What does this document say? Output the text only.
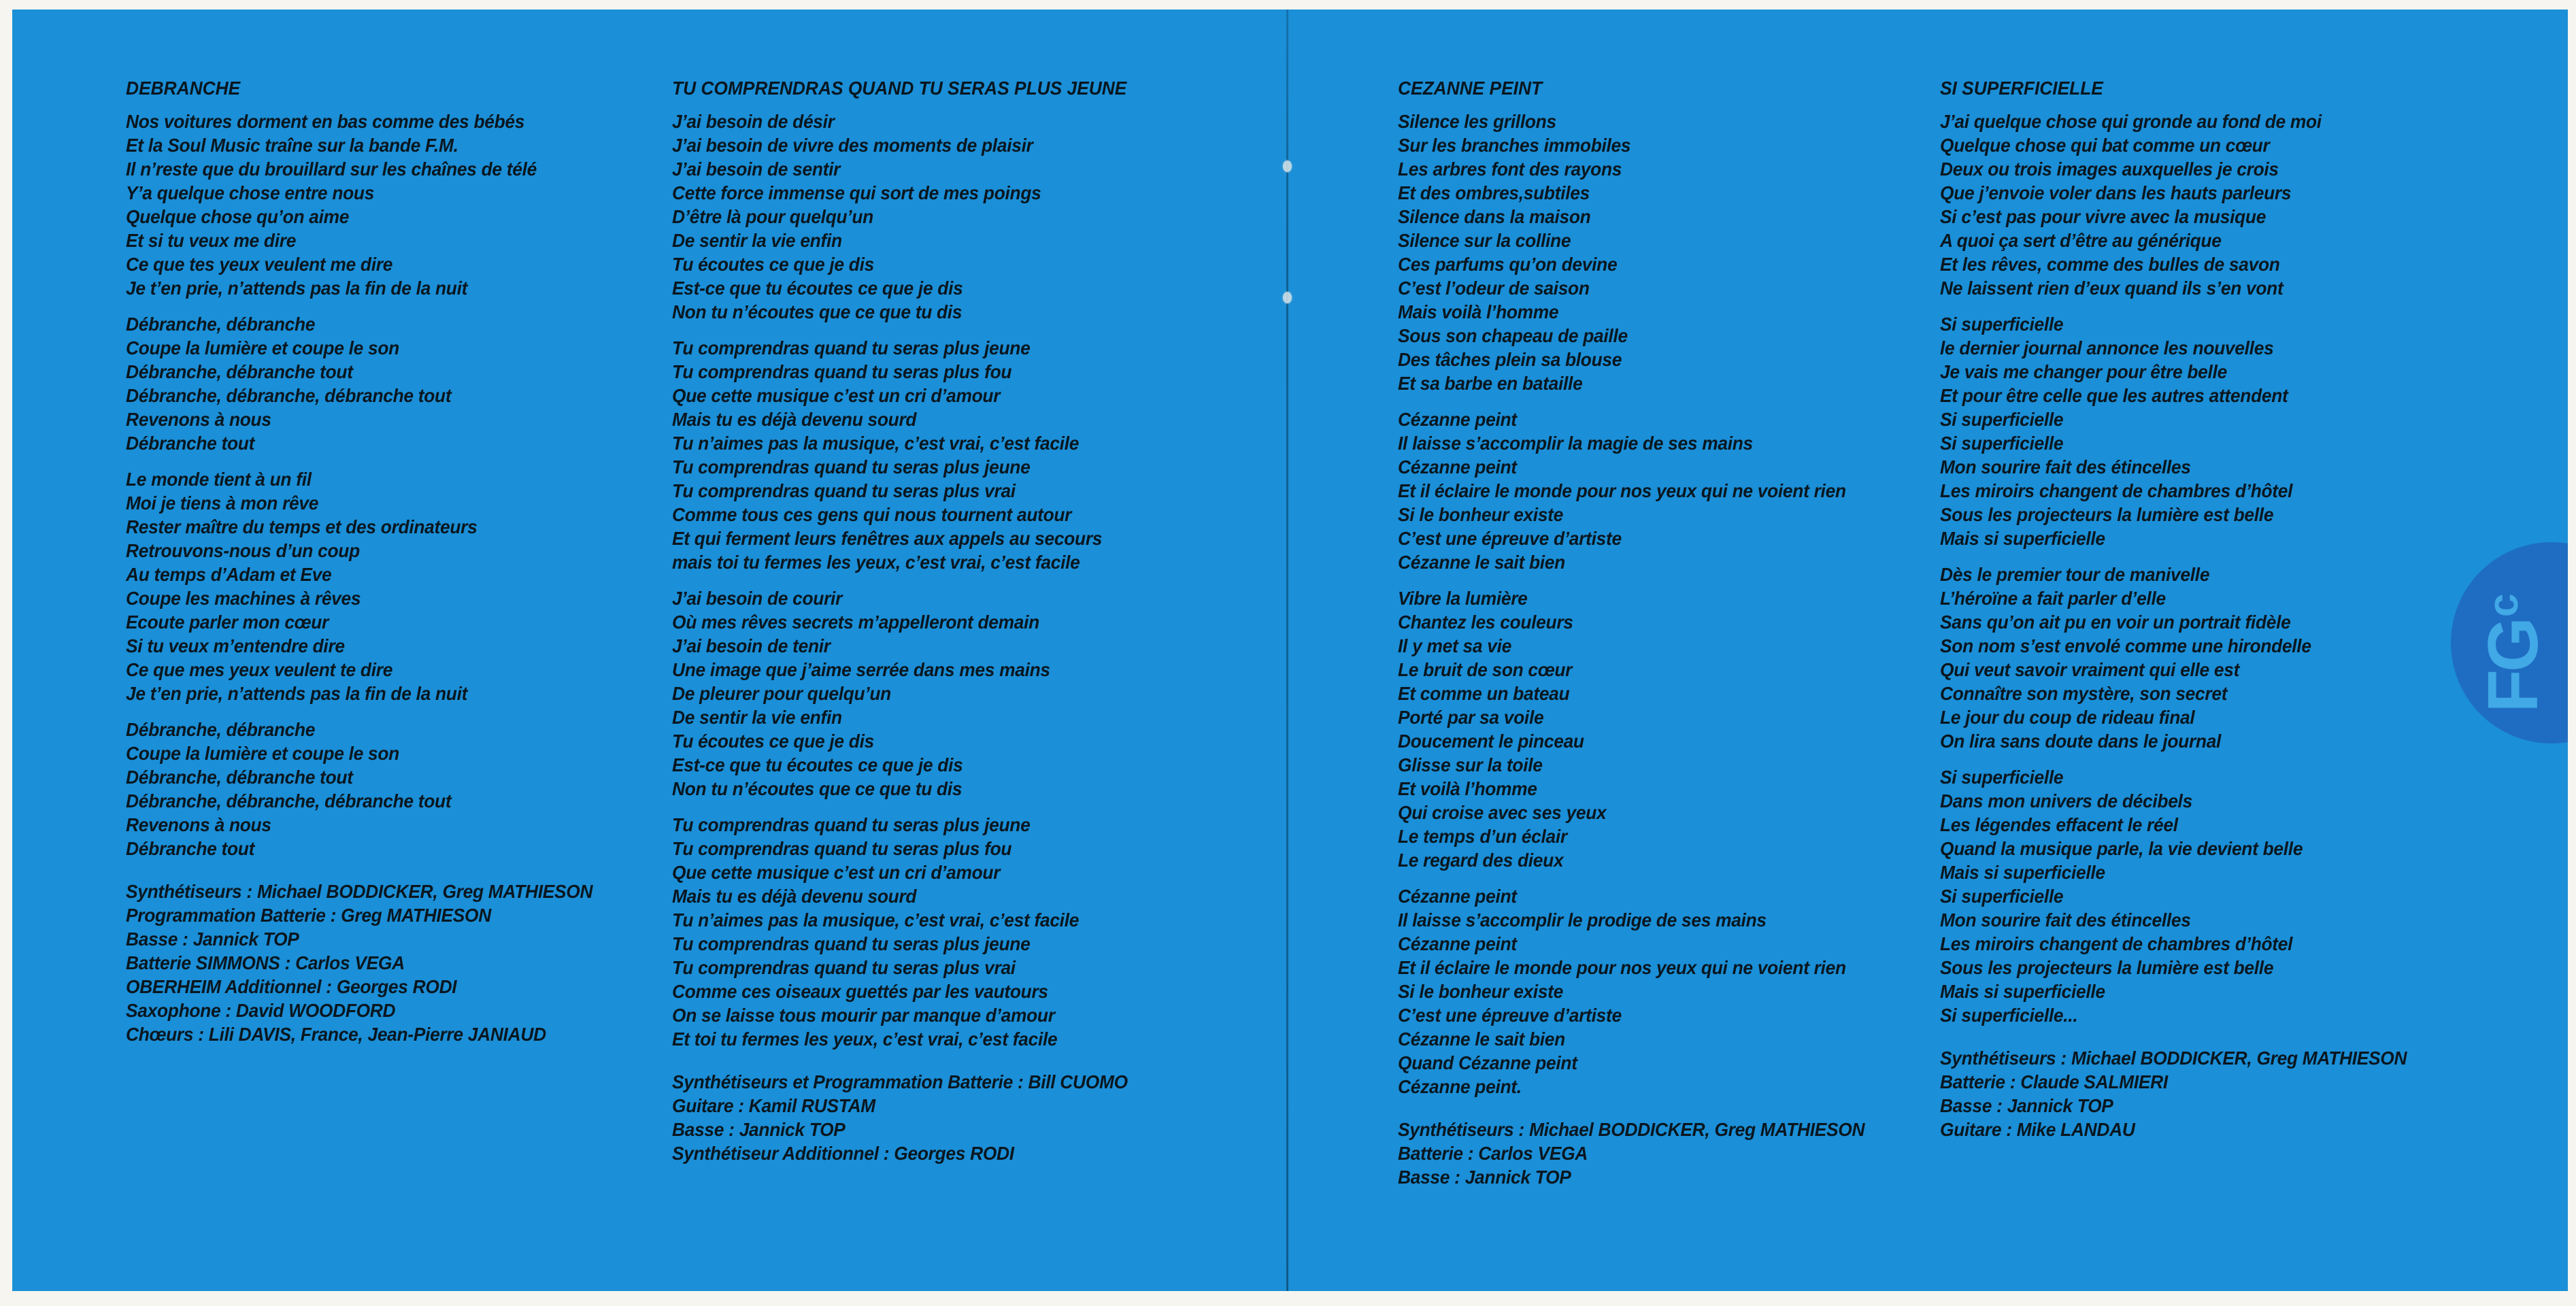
DEBRANCHE

Nos voitures dorment en bas comme des bébés
Et la Soul Music traîne sur la bande F.M.
Il n’reste que du brouillard sur les chaînes de télé
Y’a quelque chose entre nous
Quelque chose qu’on aime
Et si tu veux me dire
Ce que tes yeux veulent me dire
Je t’en prie, n’attends pas la fin de la nuit

Débranche, débranche
Coupe la lumière et coupe le son
Débranche, débranche tout
Débranche, débranche, débranche tout
Revenons à nous
Débranche tout

Le monde tient à un fil
Moi je tiens à mon rêve
Rester maître du temps et des ordinateurs
Retrouvons-nous d’un coup
Au temps d’Adam et Eve
Coupe les machines à rêves
Ecoute parler mon cœur
Si tu veux m’entendre dire
Ce que mes yeux veulent te dire
Je t’en prie, n’attends pas la fin de la nuit

Débranche, débranche
Coupe la lumière et coupe le son
Débranche, débranche tout
Débranche, débranche, débranche tout
Revenons à nous
Débranche tout

Synthétiseurs : Michael BODDICKER, Greg MATHIESON
Programmation Batterie : Greg MATHIESON
Basse : Jannick TOP
Batterie SIMMONS : Carlos VEGA
OBERHEIM Additionnel : Georges RODI
Saxophone : David WOODFORD
Chœurs : Lili DAVIS, France, Jean-Pierre JANIAUD

TU COMPRENDRAS QUAND TU SERAS PLUS JEUNE

J’ai besoin de désir
J’ai besoin de vivre des moments de plaisir
J’ai besoin de sentir
Cette force immense qui sort de mes poings
D’être là pour quelqu’un
De sentir la vie enfin
Tu écoutes ce que je dis
Est-ce que tu écoutes ce que je dis
Non tu n’écoutes que ce que tu dis

Tu comprendras quand tu seras plus jeune
Tu comprendras quand tu seras plus fou
Que cette musique c’est un cri d’amour
Mais tu es déjà devenu sourd
Tu n’aimes pas la musique, c’est vrai, c’est facile
Tu comprendras quand tu seras plus jeune
Tu comprendras quand tu seras plus vrai
Comme tous ces gens qui nous tournent autour
Et qui ferment leurs fenêtres aux appels au secours
mais toi tu fermes les yeux, c’est vrai, c’est facile

J’ai besoin de courir
Où mes rêves secrets m’appelleront demain
J’ai besoin de tenir
Une image que j’aime serrée dans mes mains
De pleurer pour quelqu’un
De sentir la vie enfin
Tu écoutes ce que je dis
Est-ce que tu écoutes ce que je dis
Non tu n’écoutes que ce que tu dis

Tu comprendras quand tu seras plus jeune
Tu comprendras quand tu seras plus fou
Que cette musique c’est un cri d’amour
Mais tu es déjà devenu sourd
Tu n’aimes pas la musique, c’est vrai, c’est facile
Tu comprendras quand tu seras plus jeune
Tu comprendras quand tu seras plus vrai
Comme ces oiseaux guettés par les vautours
On se laisse tous mourir par manque d’amour
Et toi tu fermes les yeux, c’est vrai, c’est facile

Synthétiseurs et Programmation Batterie : Bill CUOMO
Guitare : Kamil RUSTAM
Basse : Jannick TOP
Synthétiseur Additionnel : Georges RODI

CEZANNE PEINT

Silence les grillons
Sur les branches immobiles
Les arbres font des rayons
Et des ombres,subtiles
Silence dans la maison
Silence sur la colline
Ces parfums qu’on devine
C’est l’odeur de saison
Mais voilà l’homme
Sous son chapeau de paille
Des tâches plein sa blouse
Et sa barbe en bataille

Cézanne peint
Il laisse s’accomplir la magie de ses mains
Cézanne peint
Et il éclaire le monde pour nos yeux qui ne voient rien
Si le bonheur existe
C’est une épreuve d’artiste
Cézanne le sait bien

Vibre la lumière
Chantez les couleurs
Il y met sa vie
Le bruit de son cœur
Et comme un bateau
Porté par sa voile
Doucement le pinceau
Glisse sur la toile
Et voilà l’homme
Qui croise avec ses yeux
Le temps d’un éclair
Le regard des dieux

Cézanne peint
Il laisse s’accomplir le prodige de ses mains
Cézanne peint
Et il éclaire le monde pour nos yeux qui ne voient rien
Si le bonheur existe
C’est une épreuve d’artiste
Cézanne le sait bien
Quand Cézanne peint
Cézanne peint.

Synthétiseurs : Michael BODDICKER, Greg MATHIESON
Batterie : Carlos VEGA
Basse : Jannick TOP

SI SUPERFICIELLE

J’ai quelque chose qui gronde au fond de moi
Quelque chose qui bat comme un cœur
Deux ou trois images auxquelles je crois
Que j’envoie voler dans les hauts parleurs
Si c’est pas pour vivre avec la musique
A quoi ça sert d’être au générique
Et les rêves, comme des bulles de savon
Ne laissent rien d’eux quand ils s’en vont

Si superficielle
le dernier journal annonce les nouvelles
Je vais me changer pour être belle
Et pour être celle que les autres attendent
Si superficielle
Si superficielle
Mon sourire fait des étincelles
Les miroirs changent de chambres d’hôtel
Sous les projecteurs la lumière est belle
Mais si superficielle

Dès le premier tour de manivelle
L’héroïne a fait parler d’elle
Sans qu’on ait pu en voir un portrait fidèle
Son nom s’est envolé comme une hirondelle
Qui veut savoir vraiment qui elle est
Connaître son mystère, son secret
Le jour du coup de rideau final
On lira sans doute dans le journal

Si superficielle
Dans mon univers de décibels
Les légendes effacent le réel
Quand la musique parle, la vie devient belle
Mais si superficielle
Si superficielle
Mon sourire fait des étincelles
Les miroirs changent de chambres d’hôtel
Sous les projecteurs la lumière est belle
Mais si superficielle
Si superficielle...

Synthétiseurs : Michael BODDICKER, Greg MATHIESON
Batterie : Claude SALMIERI
Basse : Jannick TOP
Guitare : Mike LANDAU

$FG^c$
